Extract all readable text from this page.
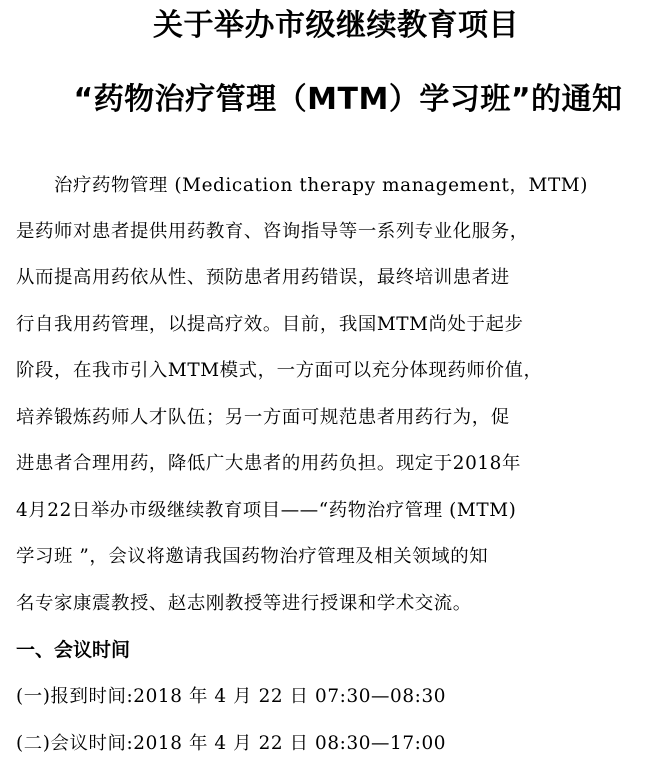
关于举办市级继续教育项目
“药物治疗管理（MTM）学习班”的通知
　　治疗药物管理 (Medication therapy management，MTM)
是药师对患者提供用药教育、咨询指导等一系列专业化服务，
从而提高用药依从性、预防患者用药错误，最终培训患者进
行自我用药管理，以提高疗效。目前，我国MTM尚处于起步
阶段，在我市引入MTM模式，一方面可以充分体现药师价值，
培养锻炼药师人才队伍；另一方面可规范患者用药行为，促
进患者合理用药，降低广大患者的用药负担。现定于2018年
4月22日举办市级继续教育项目——“药物治疗管理 (MTM)
学习班 ”，会议将邀请我国药物治疗管理及相关领域的知
名专家康震教授、赵志刚教授等进行授课和学术交流。
一、会议时间
(一)报到时间:2018 年 4 月 22 日 07:30—08:30
(二)会议时间:2018 年 4 月 22 日 08:30—17:00
